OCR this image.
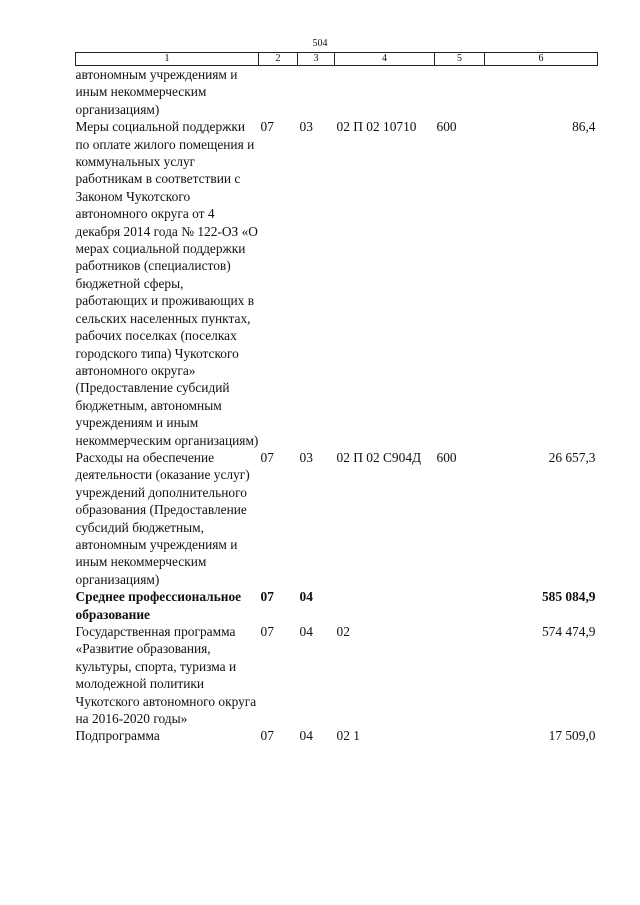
504
1	2	3	4	5	6
автономным учреждениям и иным некоммерческим организациям)					
Меры социальной поддержки по оплате жилого помещения и коммунальных услуг работникам в соответствии с Законом Чукотского автономного округа от 4 декабря 2014 года № 122-ОЗ «О мерах социальной поддержки работников (специалистов) бюджетной сферы, работающих и проживающих в сельских населенных пунктах, рабочих поселках (поселках городского типа) Чукотского автономного округа» (Предоставление субсидий бюджетным, автономным учреждениям и иным некоммерческим организациям)	07	03	02 П 02 10710	600	86,4
Расходы на обеспечение деятельности (оказание услуг) учреждений дополнительного образования (Предоставление субсидий бюджетным, автономным учреждениям и иным некоммерческим организациям)	07	03	02 П 02 С904Д	600	26 657,3
Среднее профессиональное образование	07	04			585 084,9
Государственная программа «Развитие образования, культуры, спорта, туризма и молодежной политики Чукотского автономного округа на 2016-2020 годы»	07	04	02		574 474,9
Подпрограмма	07	04	02 1		17 509,0
